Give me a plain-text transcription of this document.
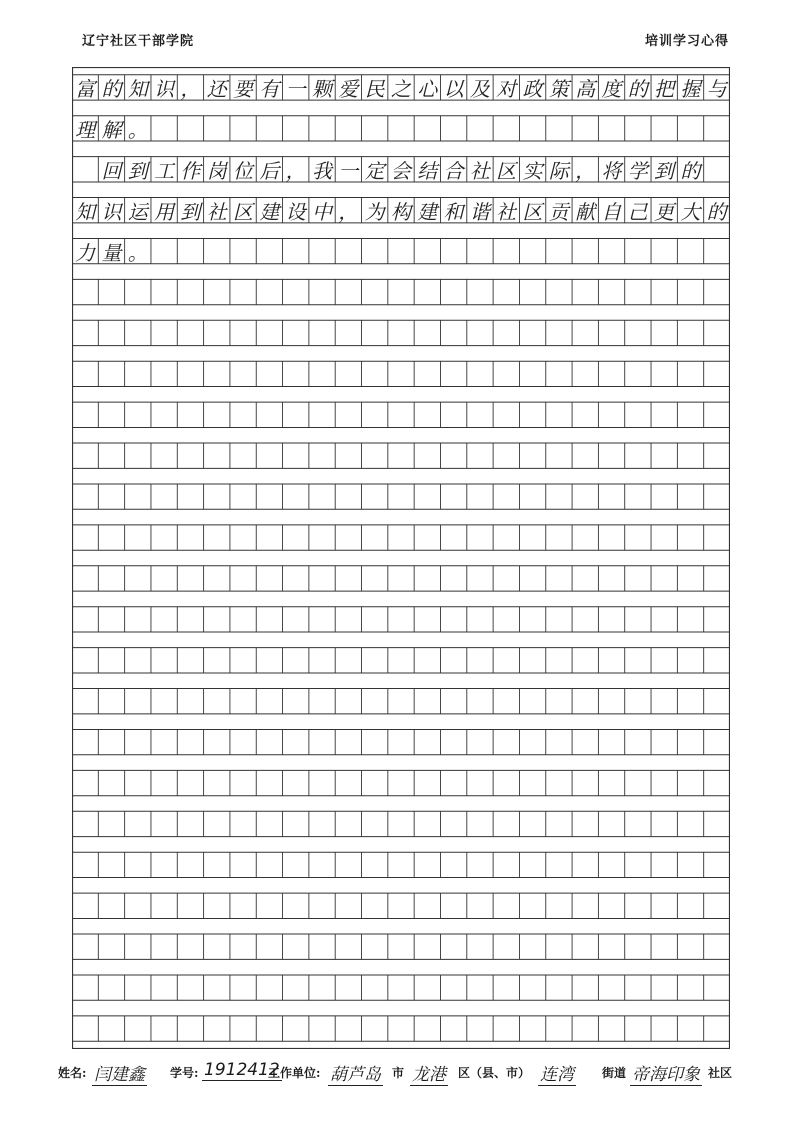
辽宁社区干部学院	培训学习心得
富 的 知 识 ， 还 要 有 一 颗 爱 民 之 心 以 及 对 政 策 高 度 的 把 握 与
理 解 。

回 到 工 作 岗 位 后 ， 我 一 定 会 结 合 社 区 实 际 ， 将 学 到 的
知 识 运 用 到 社 区 建 设 中 ， 为 构 建 和 谐 社 区 贡 献 自 己 更 大 的
力 量 。
姓名: 闫建鑫 学号: 1912412
工作单位: 葫芦岛 市 龙港 区（县、市） 连湾 街道 帝海印象 社区
